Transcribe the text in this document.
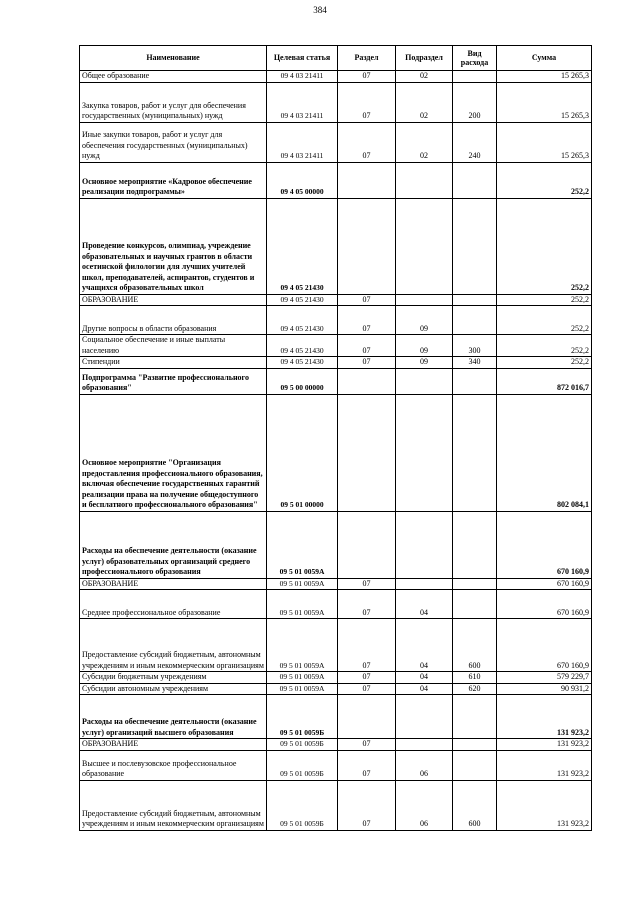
384
Наименование	Целевая статья	Раздел	Подраздел	Вид расхода	Сумма
Общее образование	09 4 03 21411	07	02		15 265,3
Закупка товаров, работ и услуг для обеспечения государственных (муниципальных) нужд	09 4 03 21411	07	02	200	15 265,3
Иные закупки товаров, работ и услуг для обеспечения государственных (муниципальных) нужд	09 4 03 21411	07	02	240	15 265,3
Основное мероприятие «Кадровое обеспечение реализации подпрограммы»	09 4 05 00000				252,2
Проведение конкурсов, олимпиад, учреждение образовательных и научных грантов в области осетинской филологии для лучших учителей школ, преподавателей, аспирантов, студентов и учащихся образовательных школ	09 4 05 21430				252,2
ОБРАЗОВАНИЕ	09 4 05 21430	07			252,2
Другие вопросы в области образования	09 4 05 21430	07	09		252,2
Социальное обеспечение и иные выплаты населению	09 4 05 21430	07	09	300	252,2
Стипендии	09 4 05 21430	07	09	340	252,2
Подпрограмма "Развитие профессионального образования"	09 5 00 00000				872 016,7
Основное мероприятие "Организация предоставления профессионального образования, включая обеспечение государственных гарантий реализации права на получение общедоступного и бесплатного профессионального образования"	09 5 01 00000				802 084,1
Расходы на обеспечение деятельности (оказание услуг) образовательных организаций среднего профессионального образования	09 5 01 0059А				670 160,9
ОБРАЗОВАНИЕ	09 5 01 0059А	07			670 160,9
Среднее профессиональное образование	09 5 01 0059А	07	04		670 160,9
Предоставление субсидий бюджетным, автономным учреждениям и иным некоммерческим организациям	09 5 01 0059А	07	04	600	670 160,9
Субсидии бюджетным учреждениям	09 5 01 0059А	07	04	610	579 229,7
Субсидии автономным учреждениям	09 5 01 0059А	07	04	620	90 931,2
Расходы на обеспечение деятельности (оказание услуг) организаций высшего образования	09 5 01 0059Б				131 923,2
ОБРАЗОВАНИЕ	09 5 01 0059Б	07			131 923,2
Высшее и послевузовское профессиональное образование	09 5 01 0059Б	07	06		131 923,2
Предоставление субсидий бюджетным, автономным учреждениям и иным некоммерческим организациям	09 5 01 0059Б	07	06	600	131 923,2
